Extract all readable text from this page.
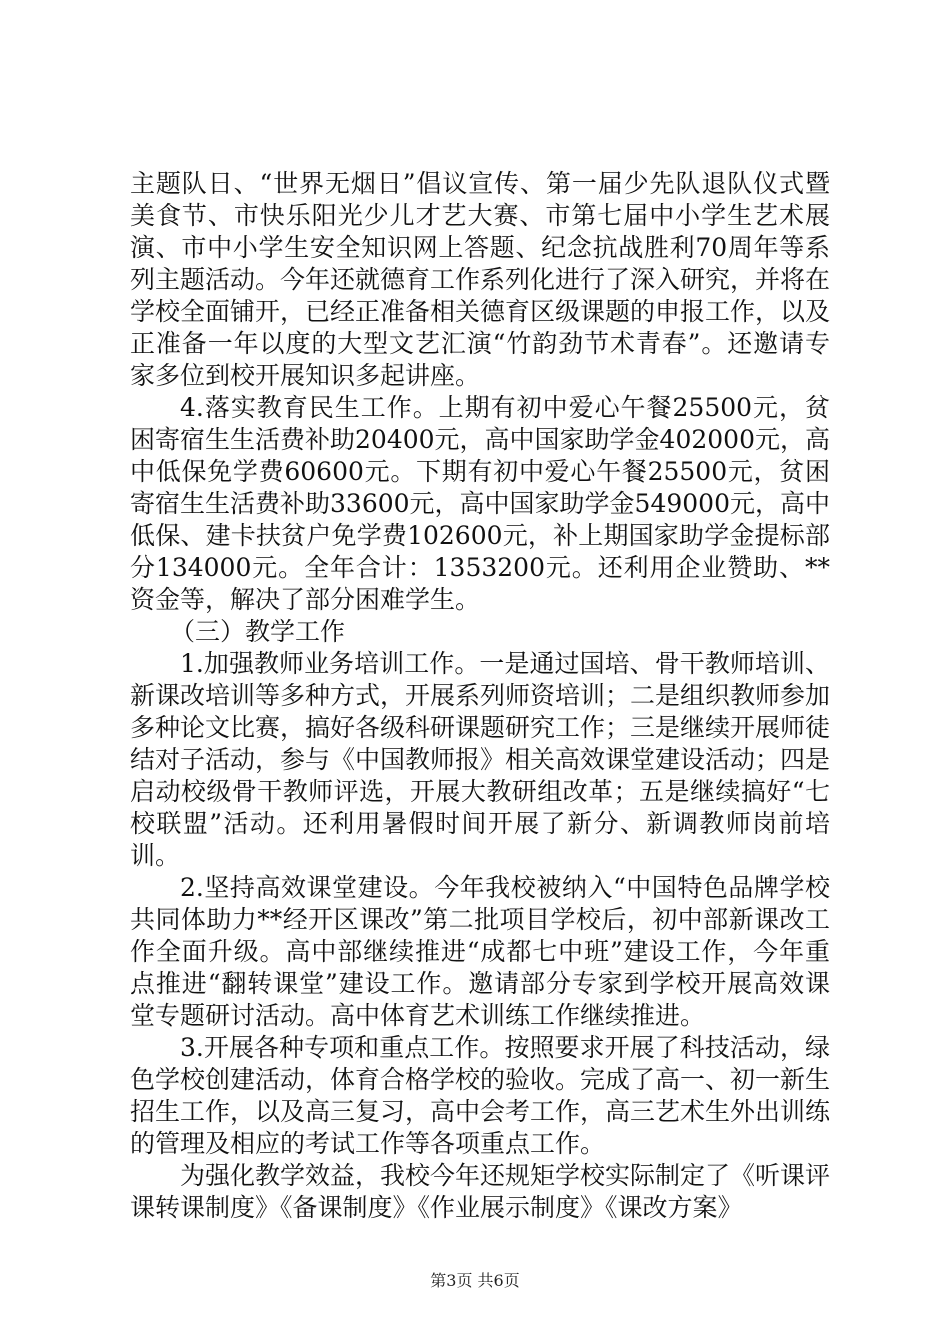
主题队日、“世界无烟日”倡议宣传、第一届少先队退队仪式暨美食节、市快乐阳光少儿才艺大赛、市第七届中小学生艺术展演、市中小学生安全知识网上答题、纪念抗战胜利70周年等系列主题活动。今年还就德育工作系列化进行了深入研究，并将在学校全面铺开，已经正准备相关德育区级课题的申报工作，以及正准备一年以度的大型文艺汇演“竹韵劲节术青春”。还邀请专家多位到校开展知识多起讲座。

4.落实教育民生工作。上期有初中爱心午餐25500元，贫困寄宿生生活费补助20400元，高中国家助学金402000元，高中低保免学费60600元。下期有初中爱心午餐25500元，贫困寄宿生生活费补助33600元，高中国家助学金549000元，高中低保、建卡扶贫户免学费102600元，补上期国家助学金提标部分134000元。全年合计：1353200元。还利用企业赞助、**资金等，解决了部分困难学生。

（三）教学工作

1.加强教师业务培训工作。一是通过国培、骨干教师培训、新课改培训等多种方式，开展系列师资培训；二是组织教师参加多种论文比赛，搞好各级科研课题研究工作；三是继续开展师徒结对子活动，参与《中国教师报》相关高效课堂建设活动；四是启动校级骨干教师评选，开展大教研组改革；五是继续搞好“七校联盟”活动。还利用暑假时间开展了新分、新调教师岗前培训。

2.坚持高效课堂建设。今年我校被纳入“中国特色品牌学校共同体助力**经开区课改”第二批项目学校后，初中部新课改工作全面升级。高中部继续推进“成都七中班”建设工作，今年重点推进“翻转课堂”建设工作。邀请部分专家到学校开展高效课堂专题研讨活动。高中体育艺术训练工作继续推进。

3.开展各种专项和重点工作。按照要求开展了科技活动，绿色学校创建活动，体育合格学校的验收。完成了高一、初一新生招生工作，以及高三复习，高中会考工作，高三艺术生外出训练的管理及相应的考试工作等各项重点工作。

为强化教学效益，我校今年还规矩学校实际制定了《听课评课转课制度》《备课制度》《作业展示制度》《课改方案》

第3页 共6页
